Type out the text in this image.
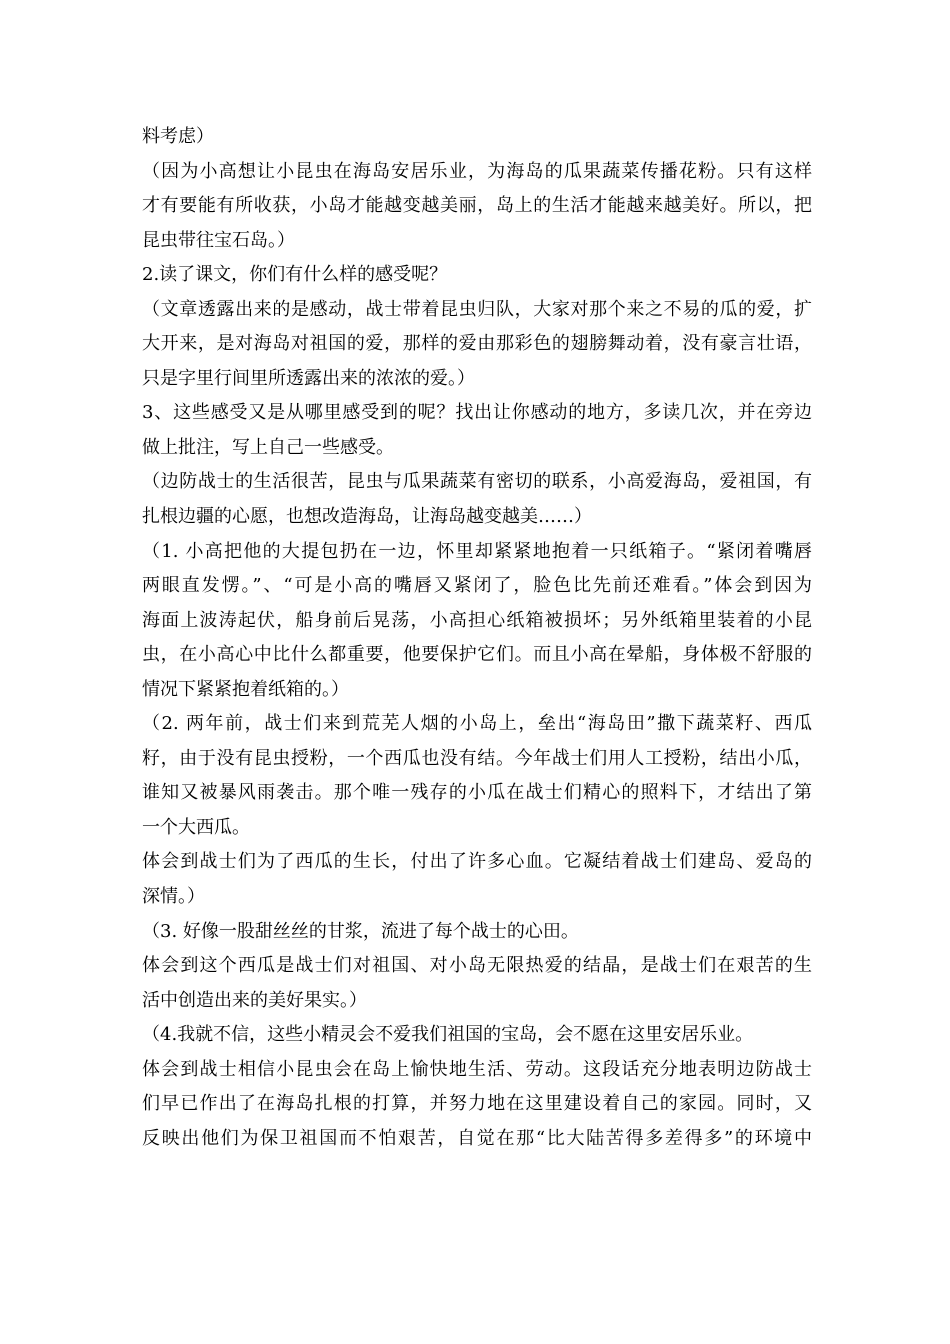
料考虑）
（因为小高想让小昆虫在海岛安居乐业，为海岛的瓜果蔬菜传播花粉。只有这样
才有要能有所收获，小岛才能越变越美丽，岛上的生活才能越来越美好。所以，把
昆虫带往宝石岛。）
2.读了课文，你们有什么样的感受呢？
（文章透露出来的是感动，战士带着昆虫归队，大家对那个来之不易的瓜的爱，扩
大开来，是对海岛对祖国的爱，那样的爱由那彩色的翅膀舞动着，没有豪言壮语，
只是字里行间里所透露出来的浓浓的爱。）
3、这些感受又是从哪里感受到的呢？找出让你感动的地方，多读几次，并在旁边
做上批注，写上自己一些感受。
（边防战士的生活很苦，昆虫与瓜果蔬菜有密切的联系，小高爱海岛，爱祖国，有
扎根边疆的心愿，也想改造海岛，让海岛越变越美……）
（1. 小高把他的大提包扔在一边，怀里却紧紧地抱着一只纸箱子。“紧闭着嘴唇
两眼直发愣。”、“可是小高的嘴唇又紧闭了，脸色比先前还难看。”体会到因为
海面上波涛起伏，船身前后晃荡，小高担心纸箱被损坏；另外纸箱里装着的小昆
虫，在小高心中比什么都重要，他要保护它们。而且小高在晕船，身体极不舒服的
情况下紧紧抱着纸箱的。）
（2. 两年前，战士们来到荒芜人烟的小岛上，垒出“海岛田”撒下蔬菜籽、西瓜
籽，由于没有昆虫授粉，一个西瓜也没有结。今年战士们用人工授粉，结出小瓜，
谁知又被暴风雨袭击。那个唯一残存的小瓜在战士们精心的照料下，才结出了第
一个大西瓜。
体会到战士们为了西瓜的生长，付出了许多心血。它凝结着战士们建岛、爱岛的
深情。）
（3. 好像一股甜丝丝的甘浆，流进了每个战士的心田。
体会到这个西瓜是战士们对祖国、对小岛无限热爱的结晶，是战士们在艰苦的生
活中创造出来的美好果实。）
（4.我就不信，这些小精灵会不爱我们祖国的宝岛，会不愿在这里安居乐业。
体会到战士相信小昆虫会在岛上愉快地生活、劳动。这段话充分地表明边防战士
们早已作出了在海岛扎根的打算，并努力地在这里建设着自己的家园。同时，又
反映出他们为保卫祖国而不怕艰苦，自觉在那“比大陆苦得多差得多”的环境中
